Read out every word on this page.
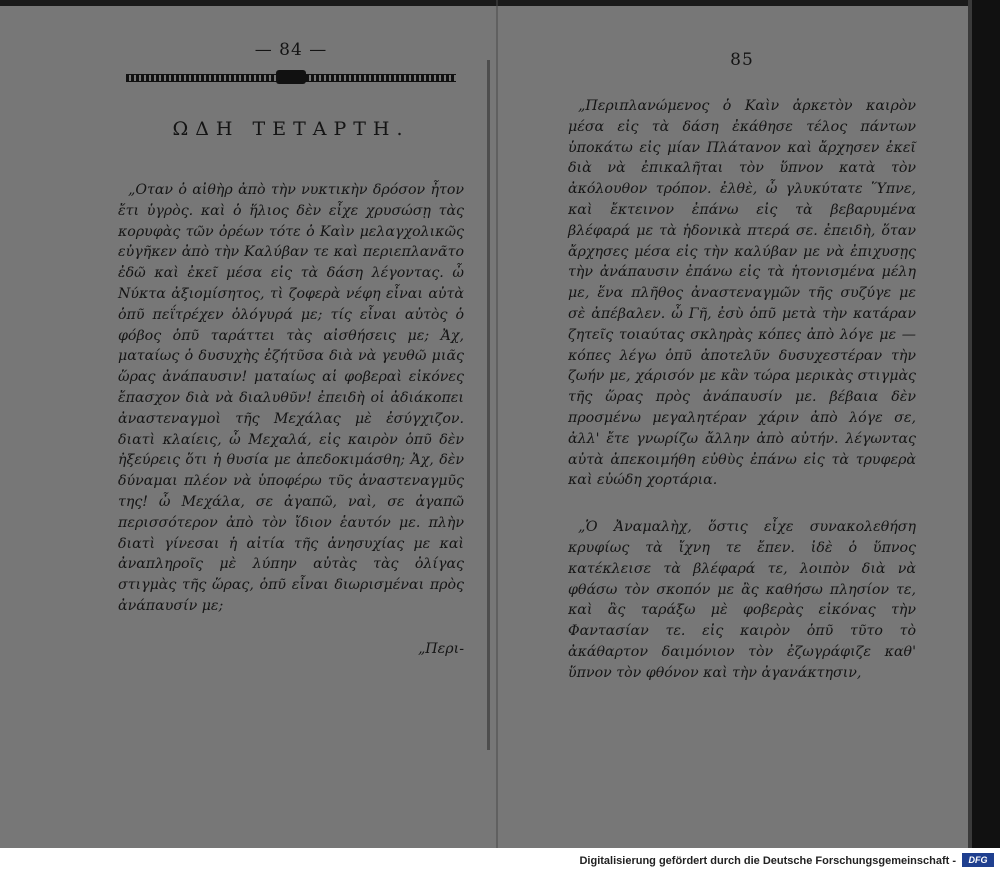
— 84 —
ΩΔΗ ΤΕΤΑΡΤΗ.

„Οταν ὁ αἰθὴρ ἀπὸ τὴν νυκτικὴν δρόσον ἦτον ἔτι ὑγρὸς. καὶ ὁ ἥλιος δὲν εἶχε χρυσώσῃ τὰς κορυφὰς τῶν ὀρέων τότε ὁ Καὶν μελαγχολικῶς εὐγῆκεν ἀπὸ τὴν Καλύβαν τε καὶ περιεπλανᾶτο ἐδῶ καὶ ἐκεῖ μέσα εἰς τὰ δάση λέγοντας. ὦ Νύκτα ἀξιομίσητος, τὶ ζοφερὰ νέφη εἶναι αὐτὰ ὁπῦ πεΐτρέχεν ὀλόγυρά με; τίς εἶναι αὐτὸς ὁ φόβος ὁπῦ ταράττει τὰς αἰσθήσεις με; Ἀχ, ματαίως ὁ δυσυχὴς ἐζήτῦσα διὰ νὰ γευθῶ μιᾶς ὥρας ἀνάπαυσιν! ματαίως αἱ φοβεραὶ εἰκόνες ἔπασχον διὰ νὰ διαλυθῦν! ἐπειδὴ οἱ ἀδιάκοπει ἀναστεναγμοὶ τῆς Μεχάλας μὲ ἐσύγχιζον. διατὶ κλαίεις, ὦ Μεχαλά, εἰς καιρὸν ὁπῦ δὲν ἠξεύρεις ὅτι ἡ θυσία με ἀπεδοκιμάσθη; Ἀχ, δὲν δύναμαι πλέον νὰ ὑποφέρω τῦς ἀναστεναγμῦς της! ὦ Μεχάλα, σε ἀγαπῶ, ναὶ, σε ἀγαπῶ περισσότερον ἀπὸ τὸν ἴδιον ἑαυτόν με. πλὴν διατὶ γίνεσαι ἡ αἰτία τῆς ἀνησυχίας με καὶ ἀναπληροῖς μὲ λύπην αὐτὰς τὰς ὀλίγας στιγμὰς τῆς ὥρας, ὁπῦ εἶναι διωρισμέναι πρὸς ἀνάπαυσίν με;

„Περι-
85

„Περιπλανώμενος ὁ Καὶν ἀρκετὸν καιρὸν μέσα εἰς τὰ δάση ἐκάθησε τέλος πάντων ὑποκάτω εἰς μίαν Πλάτανον καὶ ἄρχησεν ἐκεῖ διὰ νὰ ἐπικαλῆται τὸν ὕπνον κατὰ τὸν ἀκόλουθον τρόπον. ἐλθὲ, ὦ γλυκύτατε Ὕπνε, καὶ ἔκτεινον ἐπάνω εἰς τὰ βεβαρυμένα βλέφαρά με τὰ ἡδονικὰ πτερά σε. ἐπειδὴ, ὅταν ἄρχησες μέσα εἰς τὴν καλύβαν με νὰ ἐπιχυσῃς τὴν ἀνάπαυσιν ἐπάνω εἰς τὰ ἡτονισμένα μέλη με, ἕνα πλῆθος ἀναστεναγμῶν τῆς συζύγε με σὲ ἀπέβαλεν. ὦ Γῆ, ἐσὺ ὁπῦ μετὰ τὴν κατάραν ζητεῖς τοιαύτας σκληρὰς κόπες ἀπὸ λόγε με — κόπες λέγω ὁπῦ ἀποτελῦν δυσυχεστέραν τὴν ζωήν με, χάρισόν με κἂν τώρα μερικὰς στιγμὰς τῆς ὥρας πρὸς ἀνάπαυσίν με. βέβαια δὲν προσμένω μεγαλητέραν χάριν ἀπὸ λόγε σε, ἀλλ' ἔτε γνωρίζω ἄλλην ἀπὸ αὐτήν. λέγωντας αὐτὰ ἀπεκοιμήθη εὐθὺς ἐπάνω εἰς τὰ τρυφερὰ καὶ εὐώδη χορτάρια.

„Ὁ Ἀναμαλὴχ, ὅστις εἶχε συνακολεθήση κρυφίως τὰ ἴχνη τε ἔπεν. ἰδὲ ὁ ὕπνος κατέκλεισε τὰ βλέφαρά τε, λοιπὸν διὰ νὰ φθάσω τὸν σκοπόν με ἂς καθήσω πλησίον τε, καὶ ἂς ταράξω μὲ φοβερὰς εἰκόνας τὴν Φαντασίαν τε. εἰς καιρὸν ὁπῦ τῦτο τὸ ἀκάθαρτον δαιμόνιον τὸν ἐζωγράφιζε καθ' ὕπνον τὸν φθόνον καὶ τὴν ἀγανάκτησιν,

Digitalisierung gefördert durch die Deutsche Forschungsgemeinschaft -	DFG
